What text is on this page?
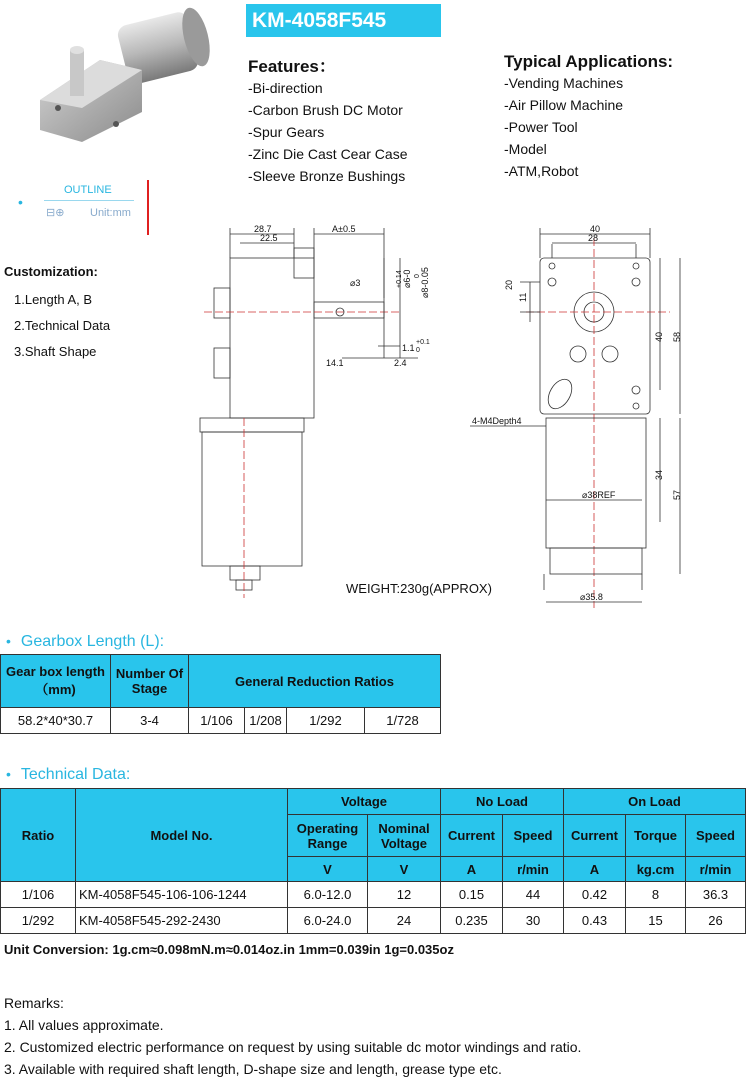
KM-4058F545
•
OUTLINE
⊟⊕ Unit:mm
Features：
-Bi-direction
-Carbon Brush DC Motor
-Spur Gears
-Zinc Die Cast Cear Case
-Sleeve Bronze Bushings
Typical Applications:
-Vending Machines
-Air Pillow Machine
-Power Tool
-Model
-ATM,Robot
Customization:
1.Length A, B
2.Technical Data
3.Shaft Shape
28.7
22.5
A±0.5
⌀3
14.1	2.4
1.1
⌀6-0
+0.14 ⌀8-0.05
0
+0.1
0
40
28
20
11
40 58
4-M4Depth4
⌀38REF
34
57
⌀35.8
WEIGHT:230g(APPROX)
• Gearbox Length (L):
Gear box length（mm)	Number Of Stage	General Reduction Ratios			
58.2*40*30.7	3-4	1/106	1/208	1/292	1/728
• Technical Data:
Ratio	Model No.	Voltage		No Load		On Load		
		Operating Range	Nominal Voltage	Current	Speed	Current	Torque	Speed
		V	V	A	r/min	A	kg.cm	r/min
1/106	KM-4058F545-106-106-1244	6.0-12.0	12	0.15	44	0.42	8	36.3
1/292	KM-4058F545-292-2430	6.0-24.0	24	0.235	30	0.43	15	26
Unit Conversion: 1g.cm≈0.098mN.m≈0.014oz.in 1mm=0.039in 1g=0.035oz
Remarks:
1. All values approximate.
2. Customized electric performance on request by using suitable dc motor windings and ratio.
3. Available with required shaft length, D-shape size and length, grease type etc.
